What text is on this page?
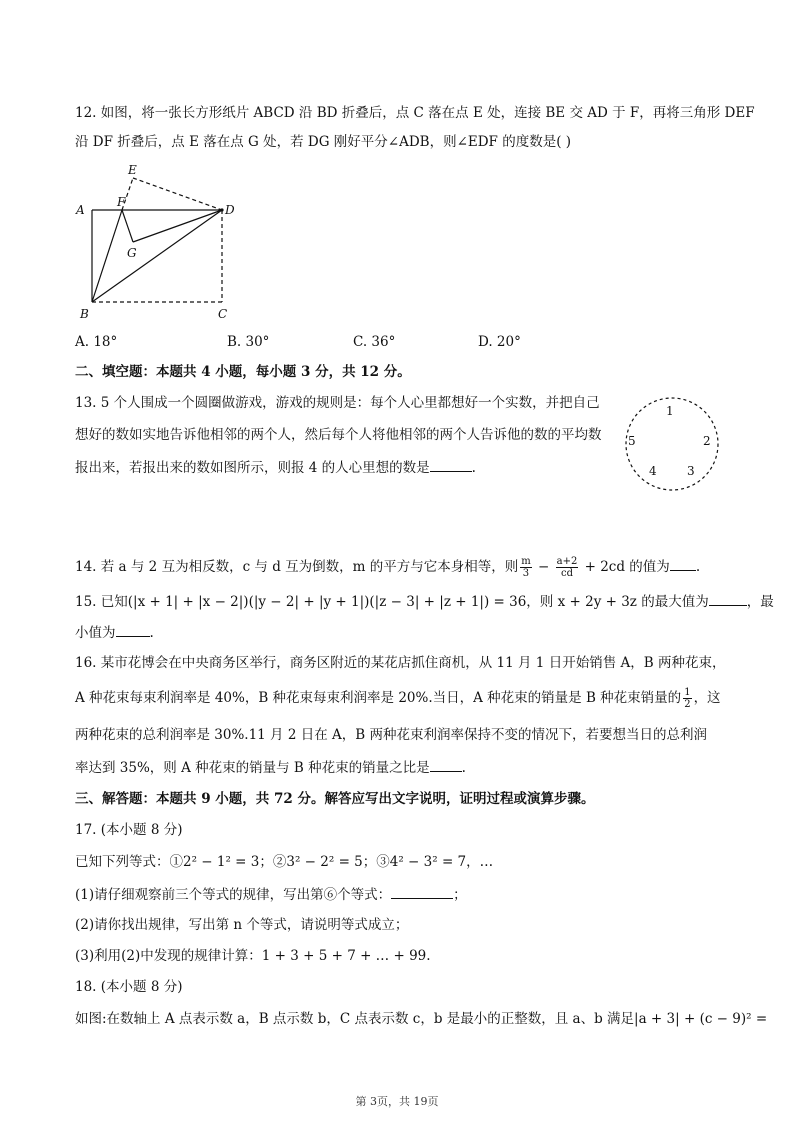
12. 如图，将一张长方形纸片 ABCD 沿 BD 折叠后，点 C 落在点 E 处，连接 BE 交 AD 于 F，再将三角形 DEF
沿 DF 折叠后，点 E 落在点 G 处，若 DG 刚好平分∠ADB，则∠EDF 的度数是( )
A
F
E
D
G
B	C
A. 18°	B. 30°	C. 36°	D. 20°
二、填空题：本题共 4 小题，每小题 3 分，共 12 分。
13. 5 个人围成一个圆圈做游戏，游戏的规则是：每个人心里都想好一个实数，并把自己
想好的数如实地告诉他相邻的两个人，然后每个人将他相邻的两个人告诉他的数的平均数
报出来，若报出来的数如图所示，则报 4 的人心里想的数是	.
1
2
3
4
5
14. 若 a 与 2 互为相反数，c 与 d 互为倒数，m 的平方与它本身相等，则 $\frac{m}{3} - \frac{a+2}{cd} + 2cd$ 的值为 .
15. 已知(|x + 1| + |x − 2|)(|y − 2| + |y + 1|)(|z − 3| + |z + 1|) = 36，则 x + 2y + 3z 的最大值为	，最
小值为	.
16. 某市花博会在中央商务区举行，商务区附近的某花店抓住商机，从 11 月 1 日开始销售 A，B 两种花束，
A 种花束每束利润率是 40%，B 种花束每束利润率是 20%.当日，A 种花束的销量是 B 种花束销量的 $\frac{1}{2}$ ，这
两种花束的总利润率是 30%.11 月 2 日在 A，B 两种花束利润率保持不变的情况下，若要想当日的总利润
率达到 35%，则 A 种花束的销量与 B 种花束的销量之比是 .
三、解答题：本题共 9 小题，共 72 分。解答应写出文字说明，证明过程或演算步骤。
17. (本小题 8 分)
已知下列等式：①2² − 1² = 3；②3² − 2² = 5；③4² − 3² = 7，…
(1)请仔细观察前三个等式的规律，写出第⑥个等式：	；
(2)请你找出规律，写出第 n 个等式，请说明等式成立；
(3)利用(2)中发现的规律计算：1 + 3 + 5 + 7 + … + 99.
18. (本小题 8 分)
如图:在数轴上 A 点表示数 a，B 点示数 b，C 点表示数 c，b 是最小的正整数，且 a、b 满足|a + 3| + (c − 9)² =
第 3页，共 19页
